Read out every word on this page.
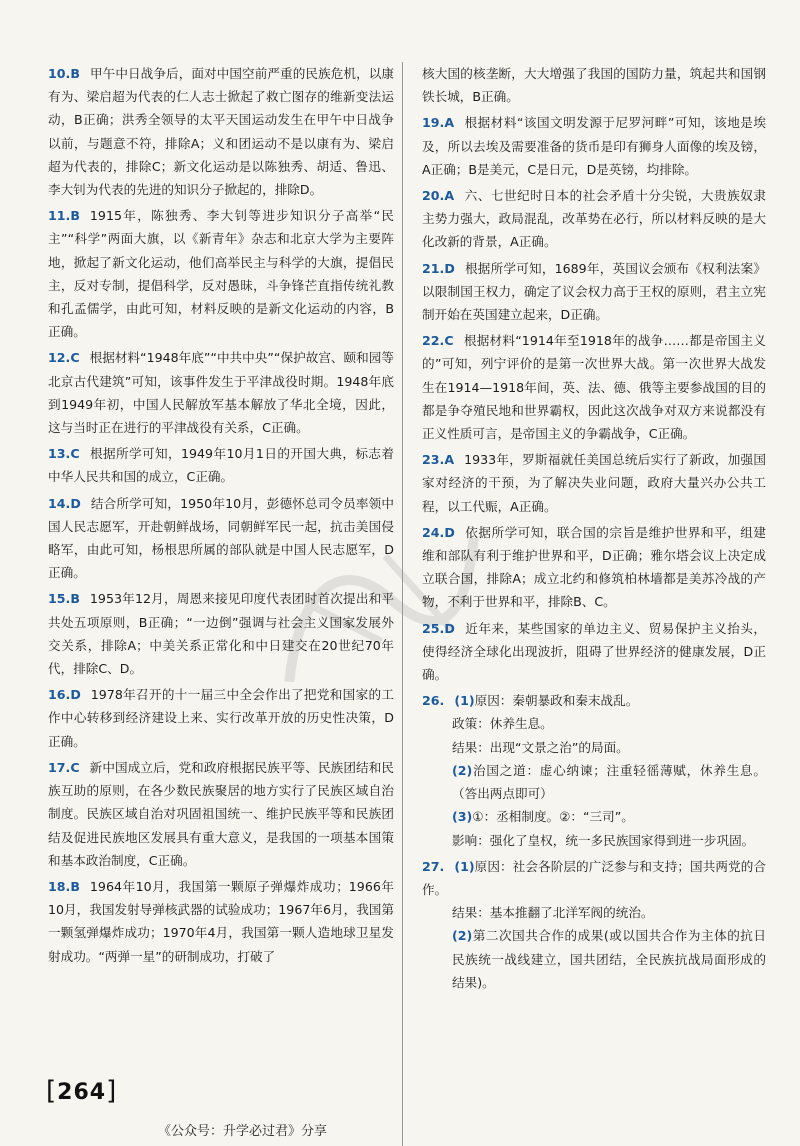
10.B 甲午中日战争后，面对中国空前严重的民族危机，以康有为、梁启超为代表的仁人志士掀起了救亡图存的维新变法运动，B正确；洪秀全领导的太平天国运动发生在甲午中日战争以前，与题意不符，排除A；义和团运动不是以康有为、梁启超为代表的，排除C；新文化运动是以陈独秀、胡适、鲁迅、李大钊为代表的先进的知识分子掀起的，排除D。
11.B 1915年，陈独秀、李大钊等进步知识分子高举“民主”“科学”两面大旗，以《新青年》杂志和北京大学为主要阵地，掀起了新文化运动，他们高举民主与科学的大旗，提倡民主，反对专制，提倡科学，反对愚昧，斗争锋芒直指传统礼教和孔孟儒学，由此可知，材料反映的是新文化运动的内容，B正确。
12.C 根据材料“1948年底”“中共中央”“保护故宫、颐和园等北京古代建筑”可知，该事件发生于平津战役时期。1948年底到1949年初，中国人民解放军基本解放了华北全境，因此，这与当时正在进行的平津战役有关系，C正确。
13.C 根据所学可知，1949年10月1日的开国大典，标志着中华人民共和国的成立，C正确。
14.D 结合所学可知，1950年10月，彭德怀总司令员率领中国人民志愿军，开赴朝鲜战场，同朝鲜军民一起，抗击美国侵略军，由此可知，杨根思所属的部队就是中国人民志愿军，D正确。
15.B 1953年12月，周恩来接见印度代表团时首次提出和平共处五项原则，B正确；“一边倒”强调与社会主义国家发展外交关系，排除A；中美关系正常化和中日建交在20世纪70年代，排除C、D。
16.D 1978年召开的十一届三中全会作出了把党和国家的工作中心转移到经济建设上来、实行改革开放的历史性决策，D正确。
17.C 新中国成立后，党和政府根据民族平等、民族团结和民族互助的原则，在各少数民族聚居的地方实行了民族区域自治制度。民族区域自治对巩固祖国统一、维护民族平等和民族团结及促进民族地区发展具有重大意义，是我国的一项基本国策和基本政治制度，C正确。
18.B 1964年10月，我国第一颗原子弹爆炸成功；1966年10月，我国发射导弹核武器的试验成功；1967年6月，我国第一颗氢弹爆炸成功；1970年4月，我国第一颗人造地球卫星发射成功。“两弹一星”的研制成功，打破了
核大国的核垄断，大大增强了我国的国防力量，筑起共和国钢铁长城，B正确。
19.A 根据材料“该国文明发源于尼罗河畔”可知，该地是埃及，所以去埃及需要准备的货币是印有狮身人面像的埃及镑，A正确；B是美元，C是日元，D是英镑，均排除。
20.A 六、七世纪时日本的社会矛盾十分尖锐，大贵族奴隶主势力强大，政局混乱，改革势在必行，所以材料反映的是大化改新的背景，A正确。
21.D 根据所学可知，1689年，英国议会颁布《权利法案》以限制国王权力，确定了议会权力高于王权的原则，君主立宪制开始在英国建立起来，D正确。
22.C 根据材料“1914年至1918年的战争……都是帝国主义的”可知，列宁评价的是第一次世界大战。第一次世界大战发生在1914—1918年间，英、法、德、俄等主要参战国的目的都是争夺殖民地和世界霸权，因此这次战争对双方来说都没有正义性质可言，是帝国主义的争霸战争，C正确。
23.A 1933年，罗斯福就任美国总统后实行了新政，加强国家对经济的干预，为了解决失业问题，政府大量兴办公共工程，以工代赈，A正确。
24.D 依据所学可知，联合国的宗旨是维护世界和平，组建维和部队有利于维护世界和平，D正确；雅尔塔会议上决定成立联合国，排除A；成立北约和修筑柏林墙都是美苏冷战的产物，不利于世界和平，排除B、C。
25.D 近年来，某些国家的单边主义、贸易保护主义抬头，使得经济全球化出现波折，阻碍了世界经济的健康发展，D正确。
26. (1)原因：秦朝暴政和秦末战乱。
政策：休养生息。
结果：出现“文景之治”的局面。
(2)治国之道：虚心纳谏；注重轻徭薄赋，休养生息。（答出两点即可）
(3)①：丞相制度。②：“三司”。
影响：强化了皇权，统一多民族国家得到进一步巩固。
27. (1)原因：社会各阶层的广泛参与和支持；国共两党的合作。
结果：基本推翻了北洋军阀的统治。
(2)第二次国共合作的成果(或以国共合作为主体的抗日民族统一战线建立，国共团结，全民族抗战局面形成的结果)。
[264]
《公众号：升学必过君》分享
